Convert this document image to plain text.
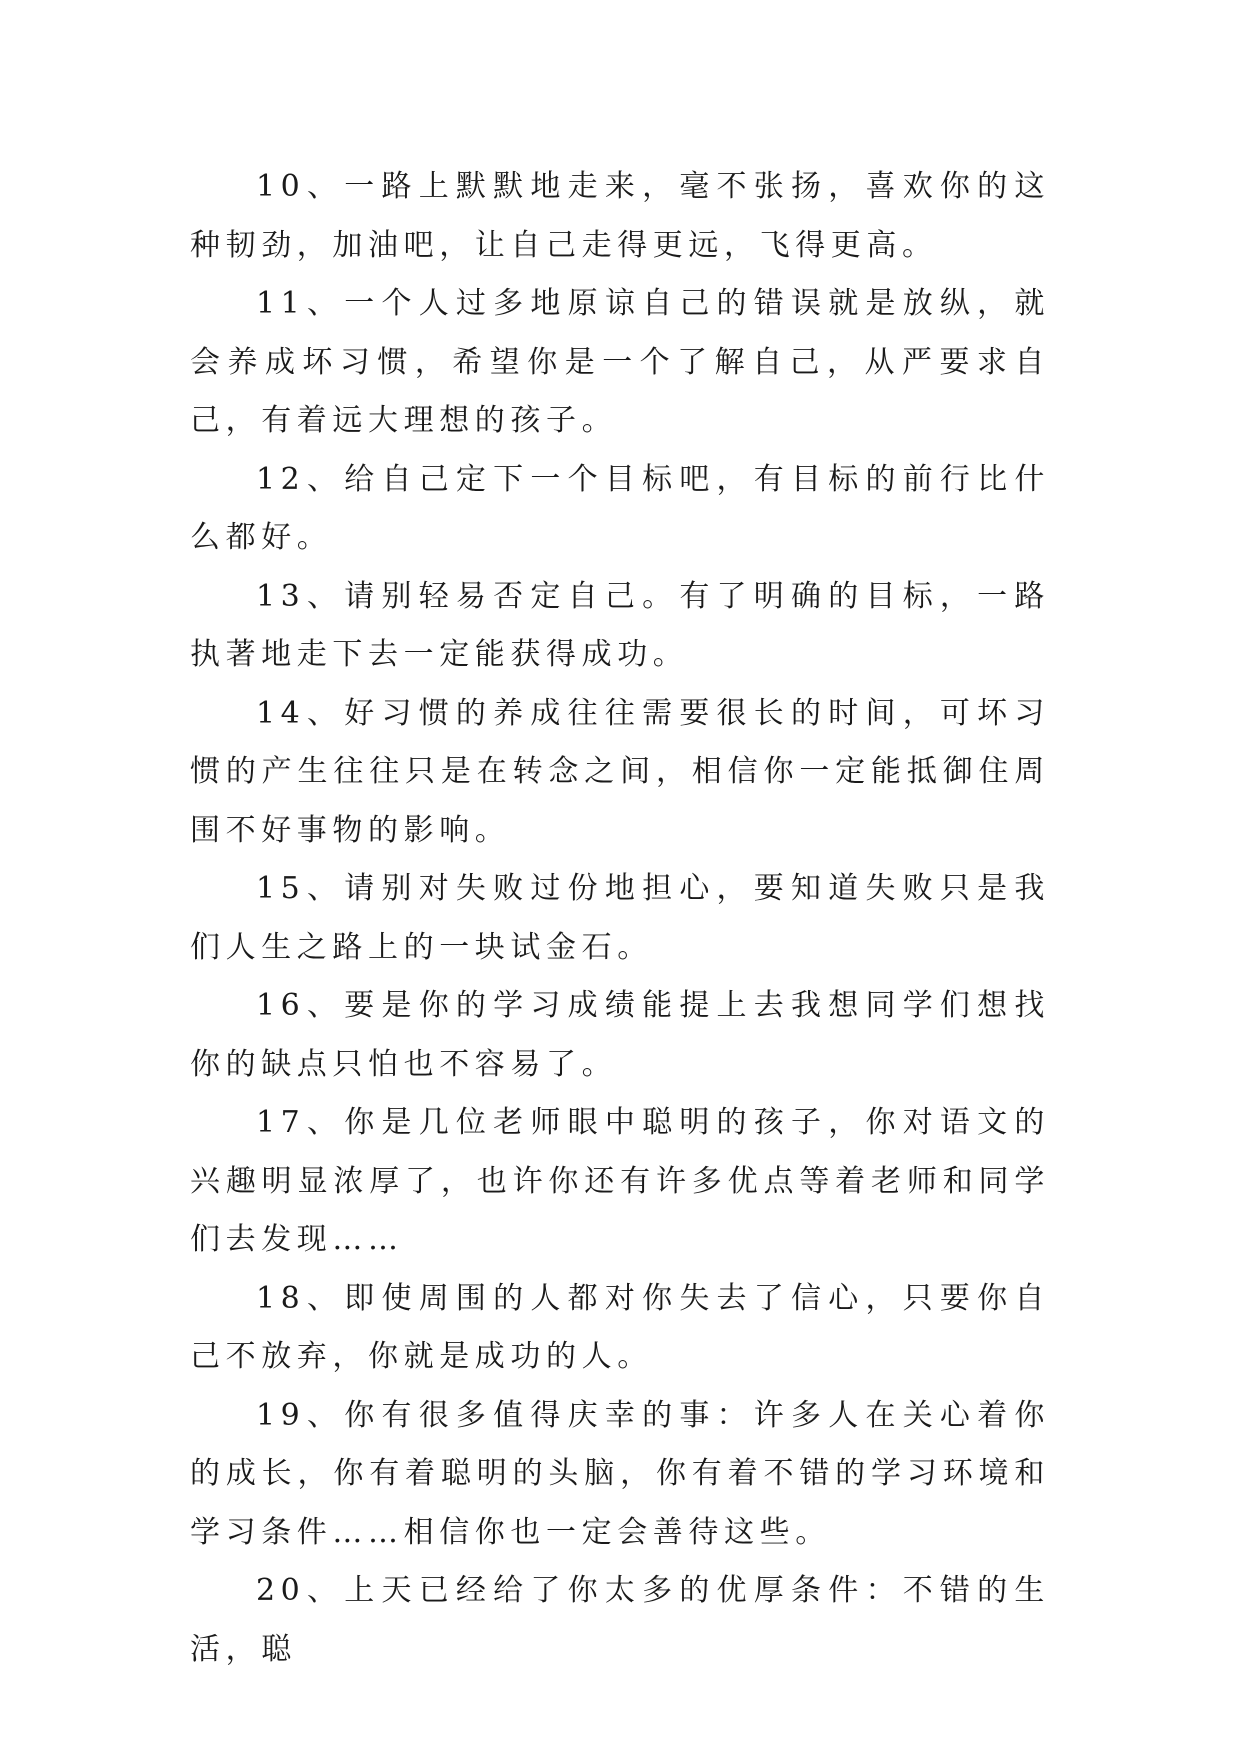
10、一路上默默地走来，毫不张扬，喜欢你的这种韧劲，加油吧，让自己走得更远，飞得更高。

11、一个人过多地原谅自己的错误就是放纵，就会养成坏习惯，希望你是一个了解自己，从严要求自己，有着远大理想的孩子。

12、给自己定下一个目标吧，有目标的前行比什么都好。

13、请别轻易否定自己。有了明确的目标，一路执著地走下去一定能获得成功。

14、好习惯的养成往往需要很长的时间，可坏习惯的产生往往只是在转念之间，相信你一定能抵御住周围不好事物的影响。

15、请别对失败过份地担心，要知道失败只是我们人生之路上的一块试金石。

16、要是你的学习成绩能提上去我想同学们想找你的缺点只怕也不容易了。

17、你是几位老师眼中聪明的孩子，你对语文的兴趣明显浓厚了，也许你还有许多优点等着老师和同学们去发现……

18、即使周围的人都对你失去了信心，只要你自己不放弃，你就是成功的人。

19、你有很多值得庆幸的事：许多人在关心着你的成长，你有着聪明的头脑，你有着不错的学习环境和学习条件……相信你也一定会善待这些。

20、上天已经给了你太多的优厚条件：不错的生活，聪
